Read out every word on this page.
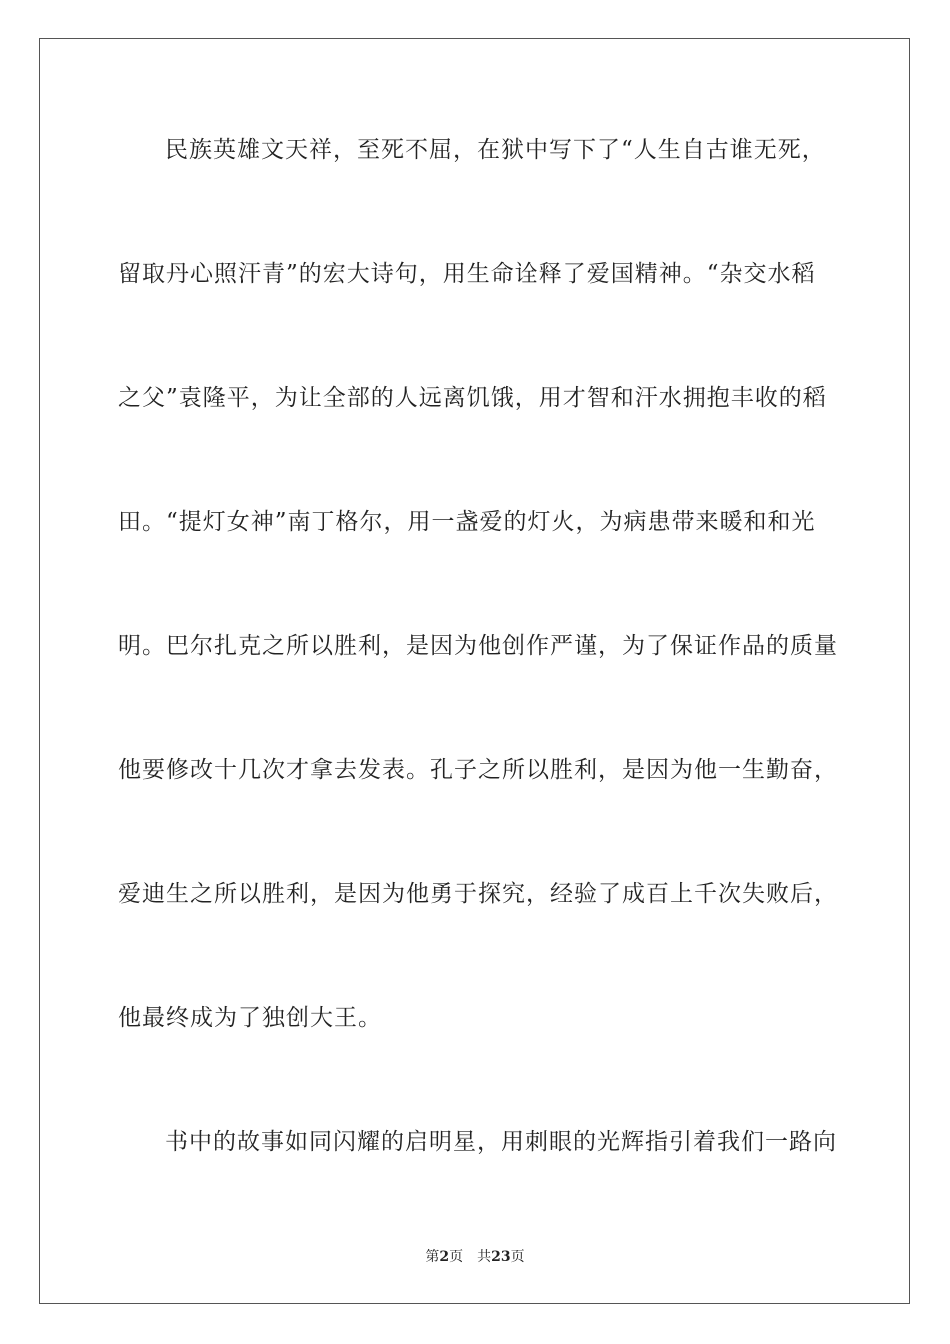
民族英雄文天祥，至死不屈，在狱中写下了“人生自古谁无死，
留取丹心照汗青”的宏大诗句，用生命诠释了爱国精神。“杂交水稻
之父”袁隆平，为让全部的人远离饥饿，用才智和汗水拥抱丰收的稻
田。“提灯女神”南丁格尔，用一盏爱的灯火，为病患带来暖和和光
明。巴尔扎克之所以胜利，是因为他创作严谨，为了保证作品的质量
他要修改十几次才拿去发表。孔子之所以胜利，是因为他一生勤奋，
爱迪生之所以胜利，是因为他勇于探究，经验了成百上千次失败后，
他最终成为了独创大王。
书中的故事如同闪耀的启明星，用刺眼的光辉指引着我们一路向
第2页 共23页
